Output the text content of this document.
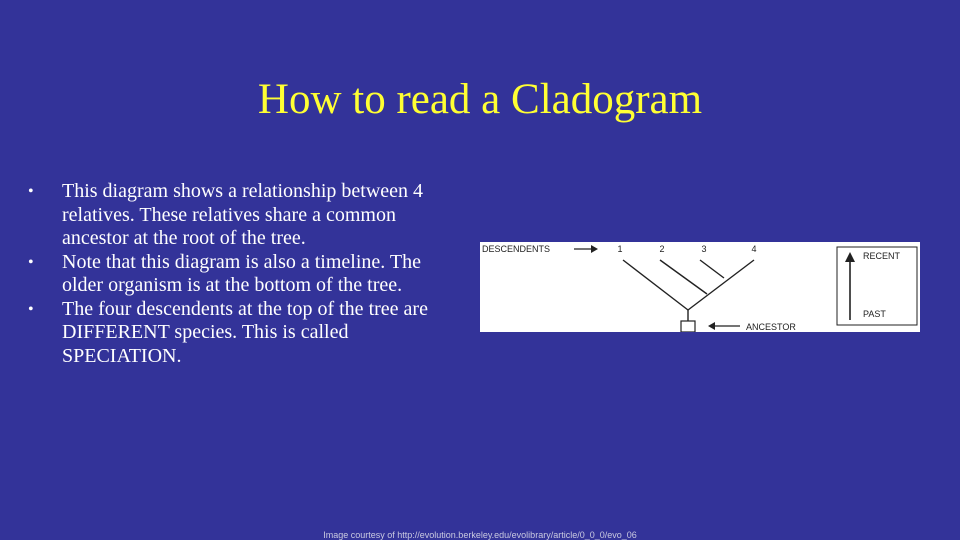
How to read a Cladogram
• This diagram shows a relationship between 4 relatives. These relatives share a common ancestor at the root of the tree.
• Note that this diagram is also a timeline. The older organism is at the bottom of the tree.
• The four descendents at the top of the tree are DIFFERENT species. This is called SPECIATION.
DESCENDENTS	1	2	3	4
ANCESTOR
RECENT
PAST
Image courtesy of http://evolution.berkeley.edu/evolibrary/article/0_0_0/evo_06
